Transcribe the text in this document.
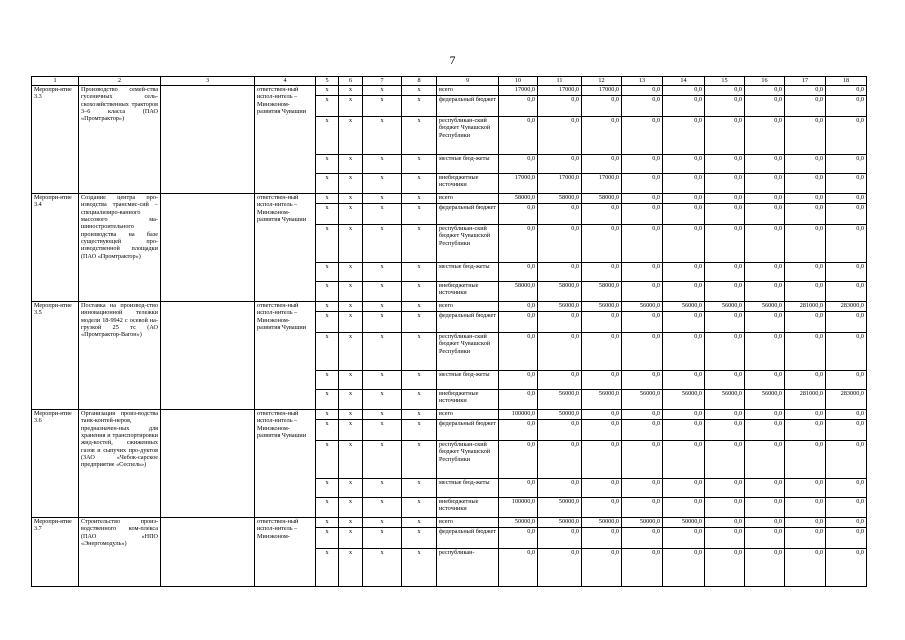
7
1	2	3	4	5	6	7	8	9	10	11	12	13	14	15	16	17	18
Меропри-ятие 3.3	Производство семей-ства гусеничных сель-скохозяйственных тракторов 3–6 класса (ПАО «Промтрактор»)		ответствен-ный испол-нитель – Минэконом-развития Чувашии	x	x	x	x	всего	17000,0	17000,0	17000,0	0,0	0,0	0,0	0,0	0,0	0,0
				x	x	x	x	федеральный бюджет	0,0	0,0	0,0	0,0	0,0	0,0	0,0	0,0	0,0
				x	x	x	x	республикан-ский бюджет Чувашской Республики	0,0	0,0	0,0	0,0	0,0	0,0	0,0	0,0	0,0
				x	x	x	x	местные бюд-жеты	0,0	0,0	0,0	0,0	0,0	0,0	0,0	0,0	0,0
				x	x	x	x	внебюджетные источники	17000,0	17000,0	17000,0	0,0	0,0	0,0	0,0	0,0	0,0
Меропри-ятие 3.4	Создание центра про-изводства трансмис-сий – специализиро-ванного массового ма-шиностроительного производства на базе существующей про-изводственной площадки (ПАО «Промтрактор»)		ответствен-ный испол-нитель – Минэконом-развития Чувашии	x	x	x	x	всего	58000,0	58000,0	58000,0	0,0	0,0	0,0	0,0	0,0	0,0
				x	x	x	x	федеральный бюджет	0,0	0,0	0,0	0,0	0,0	0,0	0,0	0,0	0,0
				x	x	x	x	республикан-ский бюджет Чувашской Республики	0,0	0,0	0,0	0,0	0,0	0,0	0,0	0,0	0,0
				x	x	x	x	местные бюд-жеты	0,0	0,0	0,0	0,0	0,0	0,0	0,0	0,0	0,0
				x	x	x	x	внебюджетные источники	58000,0	58000,0	58000,0	0,0	0,0	0,0	0,0	0,0	0,0
Меропри-ятие 3.5	Поставка на производ-ство инновационной тележки модели 18-9942 с осевой на-грузкой 25 тс (АО «Промтрактор-Вагон»)		ответствен-ный испол-нитель – Минэконом-развития Чувашии	x	x	x	x	всего	0,0	56000,0	56000,0	56000,0	56000,0	56000,0	56000,0	281000,0	283000,0
				x	x	x	x	федеральный бюджет	0,0	0,0	0,0	0,0	0,0	0,0	0,0	0,0	0,0
				x	x	x	x	республикан-ский бюджет Чувашской Республики	0,0	0,0	0,0	0,0	0,0	0,0	0,0	0,0	0,0
				x	x	x	x	местные бюд-жеты	0,0	0,0	0,0	0,0	0,0	0,0	0,0	0,0	0,0
				x	x	x	x	внебюджетные источники	0,0	56000,0	56000,0	56000,0	56000,0	56000,0	56000,0	281000,0	283000,0
Меропри-ятие 3.6	Организация произ-водства танк-контей-неров, предназначен-ных для хранения и транспортировки жид-костей, сжиженных газов и сыпучих про-дуктов (ЗАО «Чебок-сарское предприятие «Сеспель»)		ответствен-ный испол-нитель – Минэконом-развития Чувашии	x	x	x	x	всего	100000,0	50000,0	0,0	0,0	0,0	0,0	0,0	0,0	0,0
				x	x	x	x	федеральный бюджет	0,0	0,0	0,0	0,0	0,0	0,0	0,0	0,0	0,0
				x	x	x	x	республикан-ский бюджет Чувашской Республики	0,0	0,0	0,0	0,0	0,0	0,0	0,0	0,0	0,0
				x	x	x	x	местные бюд-жеты	0,0	0,0	0,0	0,0	0,0	0,0	0,0	0,0	0,0
				x	x	x	x	внебюджетные источники	100000,0	50000,0	0,0	0,0	0,0	0,0	0,0	0,0	0,0
Меропри-ятие 3.7	Строительство произ-водственного ком-плекса (ПАО «НПО «Энергомодуль»)		ответствен-ный испол-нитель – Минэконом-	x	x	x	x	всего	50000,0	50000,0	50000,0	50000,0	50000,0	0,0	0,0	0,0	0,0
				x	x	x	x	федеральный бюджет	0,0	0,0	0,0	0,0	0,0	0,0	0,0	0,0	0,0
				x	x	x	x	республикан-	0,0	0,0	0,0	0,0	0,0	0,0	0,0	0,0	0,0
